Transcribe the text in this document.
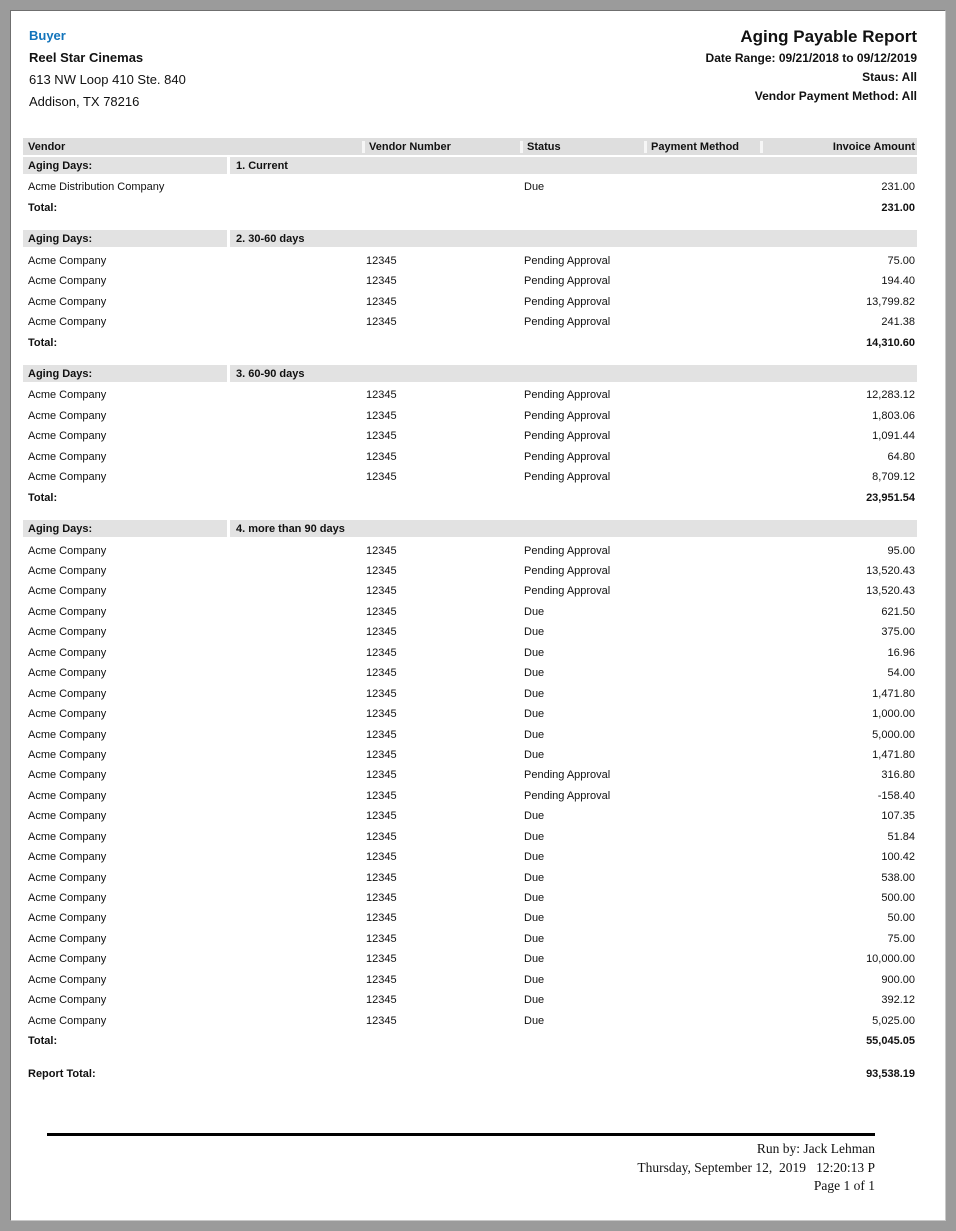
Buyer
Reel Star Cinemas
613 NW Loop 410 Ste. 840
Addison, TX 78216
Aging Payable Report
Date Range: 09/21/2018 to 09/12/2019
Staus: All
Vendor Payment Method: All
Vendor	Vendor Number	Status	Payment Method	Invoice Amount
Aging Days:	1. Current
Acme Distribution Company	Due	231.00
Total:	231.00
Aging Days:	2. 30-60 days
Acme Company	12345	Pending Approval	75.00
Acme Company	12345	Pending Approval	194.40
Acme Company	12345	Pending Approval	13,799.82
Acme Company	12345	Pending Approval	241.38
Total:	14,310.60
Aging Days:	3. 60-90 days
Acme Company	12345	Pending Approval	12,283.12
Acme Company	12345	Pending Approval	1,803.06
Acme Company	12345	Pending Approval	1,091.44
Acme Company	12345	Pending Approval	64.80
Acme Company	12345	Pending Approval	8,709.12
Total:	23,951.54
Aging Days:	4. more than 90 days
Acme Company	12345	Pending Approval	95.00
Acme Company	12345	Pending Approval	13,520.43
Acme Company	12345	Pending Approval	13,520.43
Acme Company	12345	Due	621.50
Acme Company	12345	Due	375.00
Acme Company	12345	Due	16.96
Acme Company	12345	Due	54.00
Acme Company	12345	Due	1,471.80
Acme Company	12345	Due	1,000.00
Acme Company	12345	Due	5,000.00
Acme Company	12345	Due	1,471.80
Acme Company	12345	Pending Approval	316.80
Acme Company	12345	Pending Approval	-158.40
Acme Company	12345	Due	107.35
Acme Company	12345	Due	51.84
Acme Company	12345	Due	100.42
Acme Company	12345	Due	538.00
Acme Company	12345	Due	500.00
Acme Company	12345	Due	50.00
Acme Company	12345	Due	75.00
Acme Company	12345	Due	10,000.00
Acme Company	12345	Due	900.00
Acme Company	12345	Due	392.12
Acme Company	12345	Due	5,025.00
Total:	55,045.05
Report Total:	93,538.19
Run by: Jack Lehman
Thursday, September 12,  2019   12:20:13 P
Page 1 of 1
